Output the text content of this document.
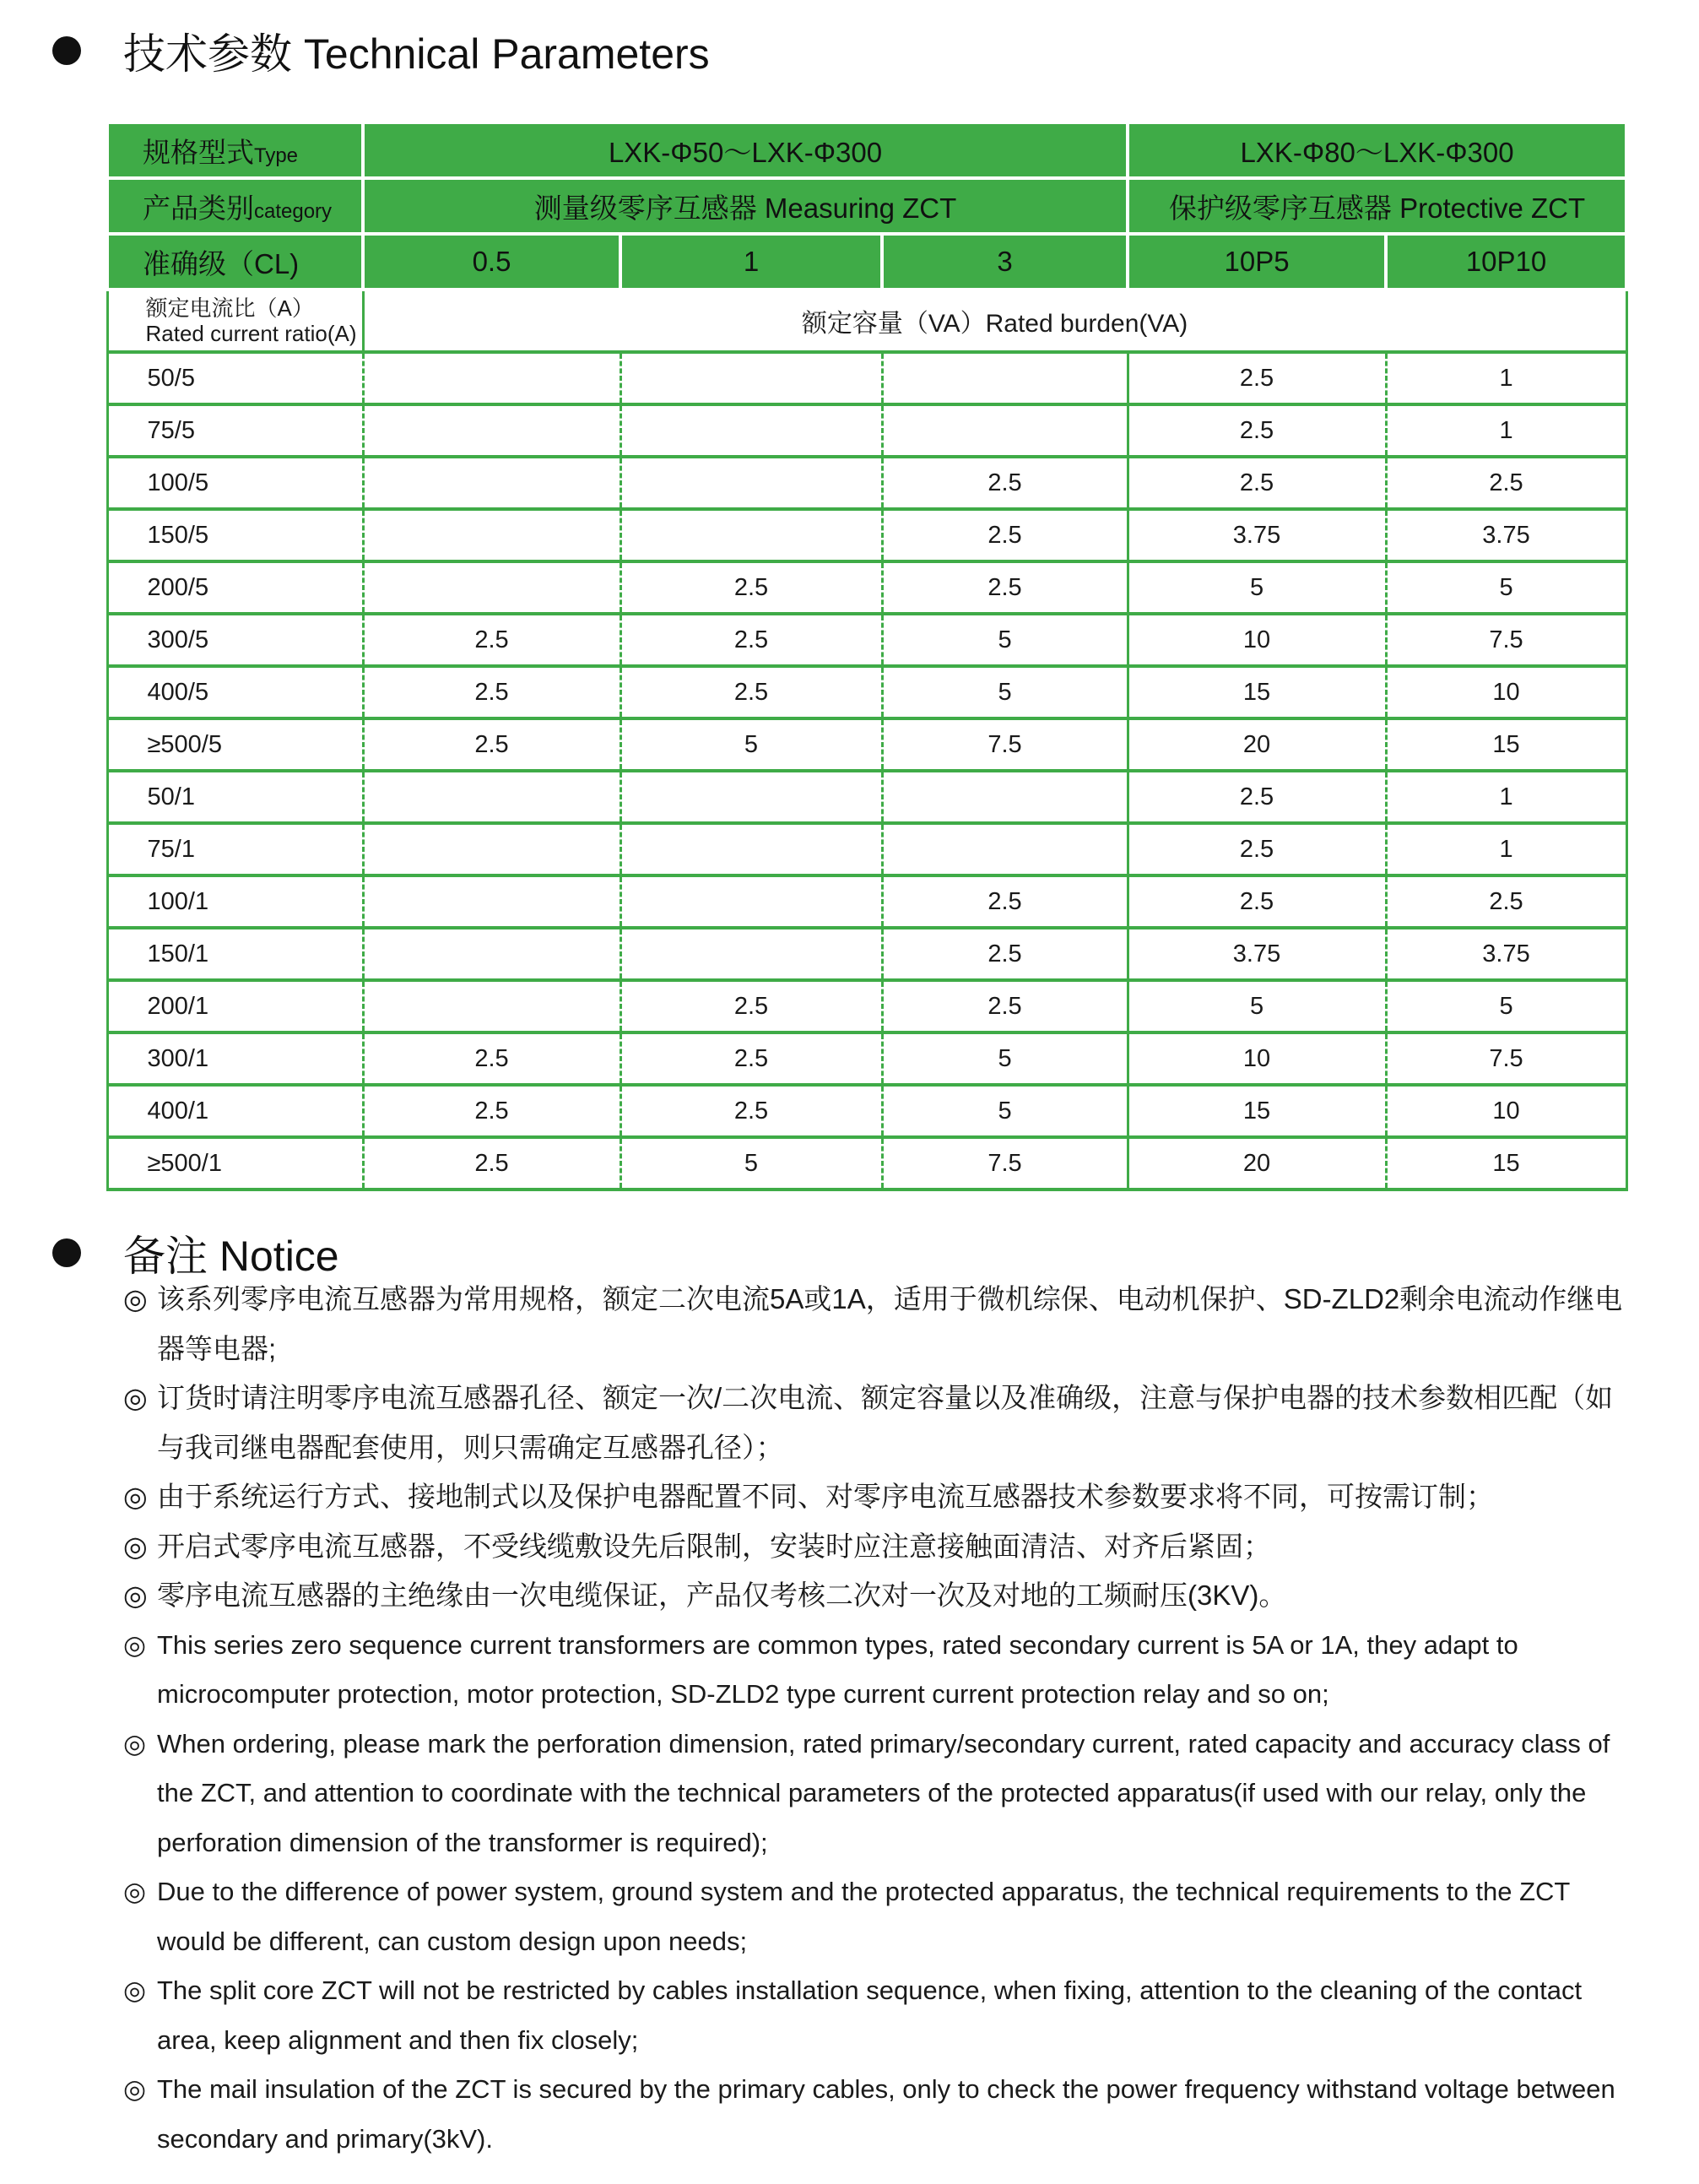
技术参数 Technical Parameters
规格型式Type	LXK-Φ50～LXK-Φ300			LXK-Φ80～LXK-Φ300	
产品类别category	测量级零序互感器 Measuring ZCT			保护级零序互感器 Protective ZCT	
准确级（CL)	0.5	1	3	10P5	10P10

额定电流比（A）
Rated current ratio(A)	额定容量（VA）Rated burden(VA)				
50/5				2.5	1
75/5				2.5	1
100/5			2.5	2.5	2.5
150/5			2.5	3.75	3.75
200/5		2.5	2.5	5	5
300/5	2.5	2.5	5	10	7.5
400/5	2.5	2.5	5	15	10
≥500/5	2.5	5	7.5	20	15
50/1				2.5	1
75/1				2.5	1
100/1			2.5	2.5	2.5
150/1			2.5	3.75	3.75
200/1		2.5	2.5	5	5
300/1	2.5	2.5	5	10	7.5
400/1	2.5	2.5	5	15	10
≥500/1	2.5	5	7.5	20	15
备注 Notice
◎ 该系列零序电流互感器为常用规格，额定二次电流5A或1A，适用于微机综保、电动机保护、SD-ZLD2剩余电流动作继电器等电器;
◎ 订货时请注明零序电流互感器孔径、额定一次/二次电流、额定容量以及准确级，注意与保护电器的技术参数相匹配（如与我司继电器配套使用，则只需确定互感器孔径）；
◎ 由于系统运行方式、接地制式以及保护电器配置不同、对零序电流互感器技术参数要求将不同，可按需订制；
◎ 开启式零序电流互感器，不受线缆敷设先后限制，安装时应注意接触面清洁、对齐后紧固；
◎ 零序电流互感器的主绝缘由一次电缆保证，产品仅考核二次对一次及对地的工频耐压(3KV)。
◎ This series zero sequence current transformers are common types, rated secondary current is 5A or 1A, they adapt to microcomputer protection, motor protection, SD-ZLD2 type current current protection relay and so on;
◎ When ordering, please mark the perforation dimension, rated primary/secondary current, rated capacity and accuracy class of the ZCT, and attention to coordinate with the technical parameters of the protected apparatus(if used with our relay, only the perforation dimension of the transformer is required);
◎ Due to the difference of power system, ground system and the protected apparatus, the technical requirements to the ZCT would be different, can custom design upon needs;
◎ The split core ZCT will not be restricted by cables installation sequence, when fixing, attention to the cleaning of the contact area, keep alignment and then fix closely;
◎ The mail insulation of the ZCT is secured by the primary cables, only to check the power frequency withstand voltage between secondary and primary(3kV).
